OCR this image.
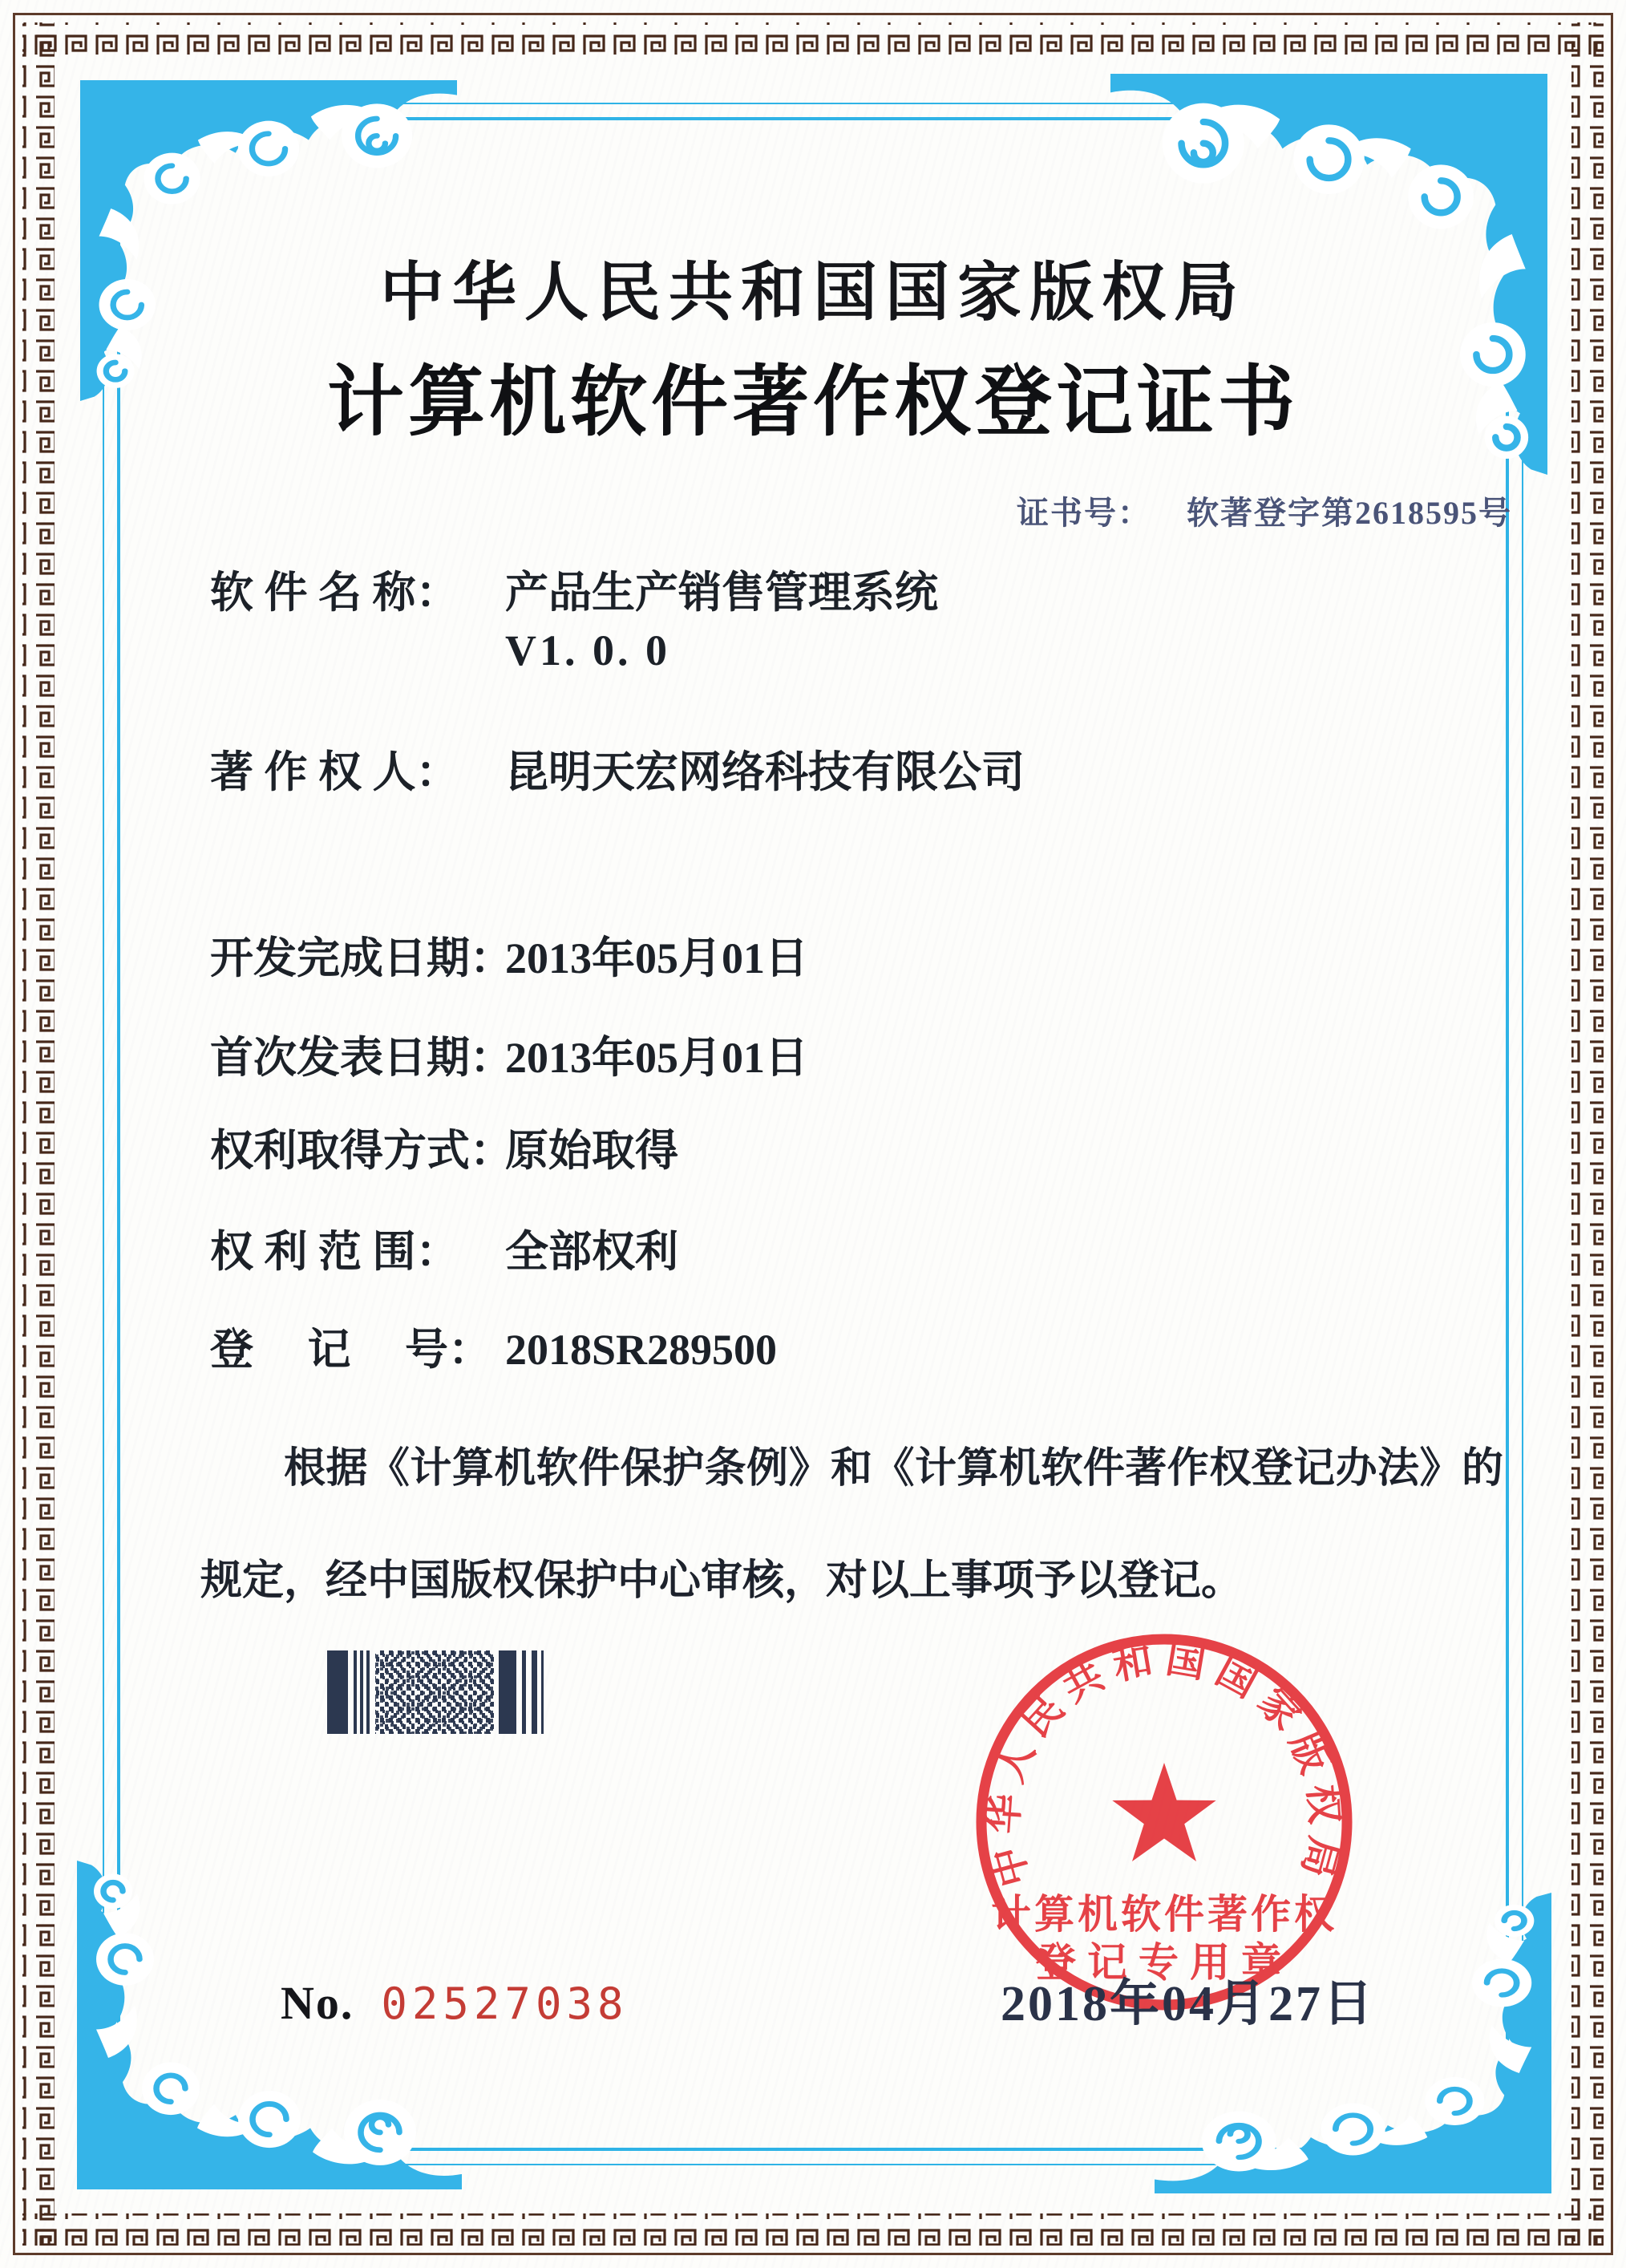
中华人民共和国国家版权局
计算机软件著作权登记证书
证书号： 软著登字第2618595号
软 件 名 称： 产品生产销售管理系统
V1. 0. 0
著 作 权 人： 昆明天宏网络科技有限公司
开发完成日期：
2013年05月01日
首次发表日期：
2013年05月01日
权利取得方式：
原始取得
权 利 范 围： 全部权利
登　 记　 号： 2018SR289500
根据《计算机软件保护条例》和《计算机软件著作权登记办法》的规定，经中国版权保护中心审核，对以上事项予以登记。
中华人民共和国国家版权局
计算机软件著作权
登记专用章
2018年04月27日
No. 02527038
